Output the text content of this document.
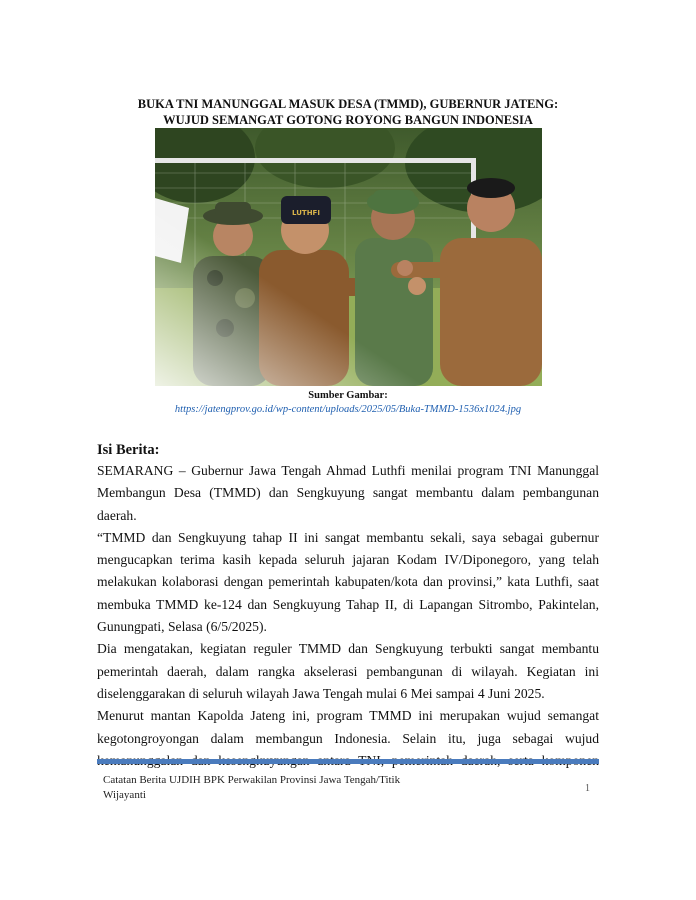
BUKA TNI MANUNGGAL MASUK DESA (TMMD), GUBERNUR JATENG:
WUJUD SEMANGAT GOTONG ROYONG BANGUN INDONESIA
Sumber Gambar:
https://jatengprov.go.id/wp-content/uploads/2025/05/Buka-TMMD-1536x1024.jpg
Isi Berita:
SEMARANG – Gubernur Jawa Tengah Ahmad Luthfi menilai program TNI Manunggal
Membangun Desa (TMMD) dan Sengkuyung sangat membantu dalam pembangunan
daerah.
“TMMD dan Sengkuyung tahap II ini sangat membantu sekali, saya sebagai gubernur
mengucapkan terima kasih kepada seluruh jajaran Kodam IV/Diponegoro, yang telah
melakukan kolaborasi dengan pemerintah kabupaten/kota dan provinsi,” kata Luthfi, saat
membuka TMMD ke-124 dan Sengkuyung Tahap II, di Lapangan Sitrombo, Pakintelan,
Gunungpati, Selasa (6/5/2025).
Dia mengatakan, kegiatan reguler TMMD dan Sengkuyung terbukti sangat membantu
pemerintah daerah, dalam rangka akselerasi pembangunan di wilayah. Kegiatan ini
diselenggarakan di seluruh wilayah Jawa Tengah mulai 6 Mei sampai 4 Juni 2025.
Menurut mantan Kapolda Jateng ini, program TMMD ini merupakan wujud semangat
kegotongroyongan dalam membangun Indonesia. Selain itu, juga sebagai wujud
Catatan Berita UJDIH BPK Perwakilan Provinsi Jawa Tengah/Titik
Wijayanti	1
